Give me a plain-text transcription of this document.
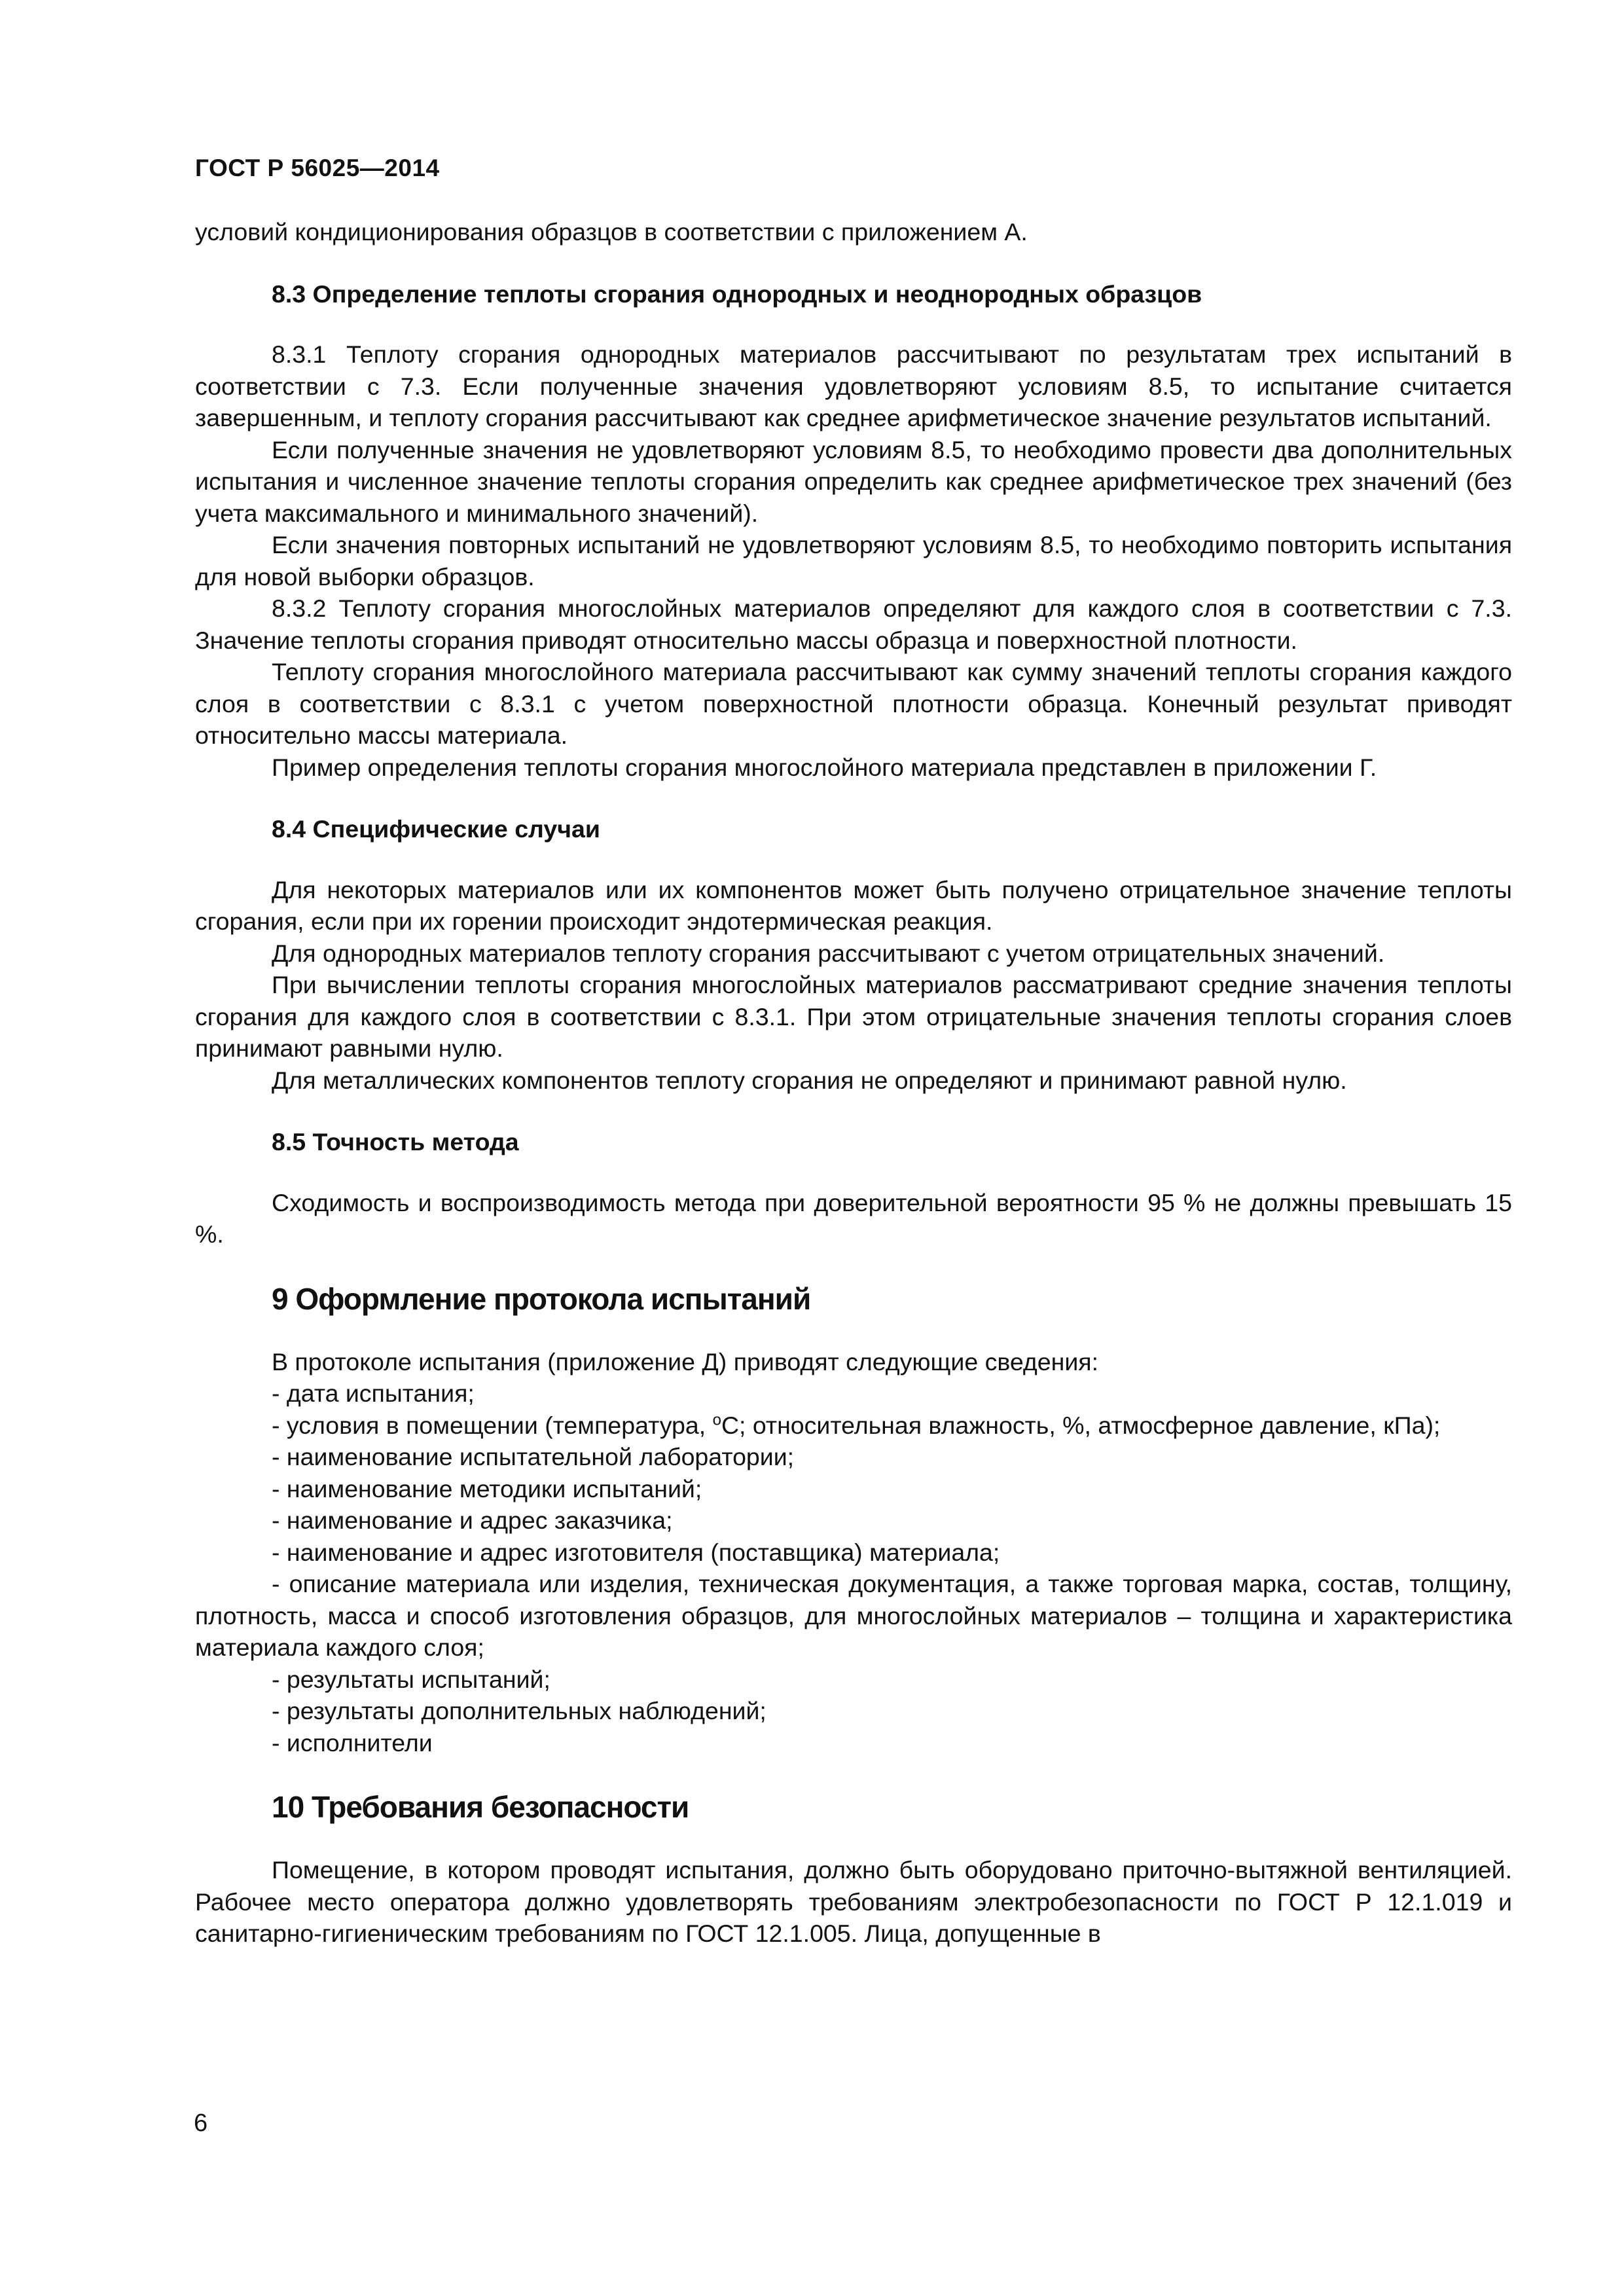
ГОСТ Р 56025—2014

условий кондиционирования образцов в соответствии с приложением А.

8.3 Определение теплоты сгорания однородных и неоднородных образцов

8.3.1 Теплоту сгорания однородных материалов рассчитывают по результатам трех испытаний в соответствии с 7.3. Если полученные значения удовлетворяют условиям 8.5, то испытание считается завершенным, и теплоту сгорания рассчитывают как среднее арифметическое значение результатов испытаний.

Если полученные значения не удовлетворяют условиям 8.5, то необходимо провести два дополнительных испытания и численное значение теплоты сгорания определить как среднее арифметическое трех значений (без учета максимального и минимального значений).

Если значения повторных испытаний не удовлетворяют условиям 8.5, то необходимо повторить испытания для новой выборки образцов.

8.3.2 Теплоту сгорания многослойных материалов определяют для каждого слоя в соответствии с 7.3. Значение теплоты сгорания приводят относительно массы образца и поверхностной плотности.

Теплоту сгорания многослойного материала рассчитывают как сумму значений теплоты сгорания каждого слоя в соответствии с 8.3.1 с учетом поверхностной плотности образца. Конечный результат приводят относительно массы материала.

Пример определения теплоты сгорания многослойного материала представлен в приложении Г.

8.4 Специфические случаи

Для некоторых материалов или их компонентов может быть получено отрицательное значение теплоты сгорания, если при их горении происходит эндотермическая реакция.

Для однородных материалов теплоту сгорания рассчитывают с учетом отрицательных значений.

При вычислении теплоты сгорания многослойных материалов рассматривают средние значения теплоты сгорания для каждого слоя в соответствии с 8.3.1. При этом отрицательные значения теплоты сгорания слоев принимают равными нулю.

Для металлических компонентов теплоту сгорания не определяют и принимают равной нулю.

8.5 Точность метода

Сходимость и воспроизводимость метода при доверительной вероятности 95 % не должны превышать 15 %.

9 Оформление протокола испытаний

В протоколе испытания (приложение Д) приводят следующие сведения:

- дата испытания;

- условия в помещении (температура, $^о$С; относительная влажность, %, атмосферное давление, кПа);

- наименование испытательной лаборатории;

- наименование методики испытаний;

- наименование и адрес заказчика;

- наименование и адрес изготовителя (поставщика) материала;

- описание материала или изделия, техническая документация, а также торговая марка, состав, толщину, плотность, масса и способ изготовления образцов, для многослойных материалов – толщина и характеристика материала каждого слоя;

- результаты испытаний;

- результаты дополнительных наблюдений;

- исполнители

10 Требования безопасности

Помещение, в котором проводят испытания, должно быть оборудовано приточно-вытяжной вентиляцией. Рабочее место оператора должно удовлетворять требованиям электробезопасности по ГОСТ Р 12.1.019 и санитарно-гигиеническим требованиям по ГОСТ 12.1.005. Лица, допущенные в

6
